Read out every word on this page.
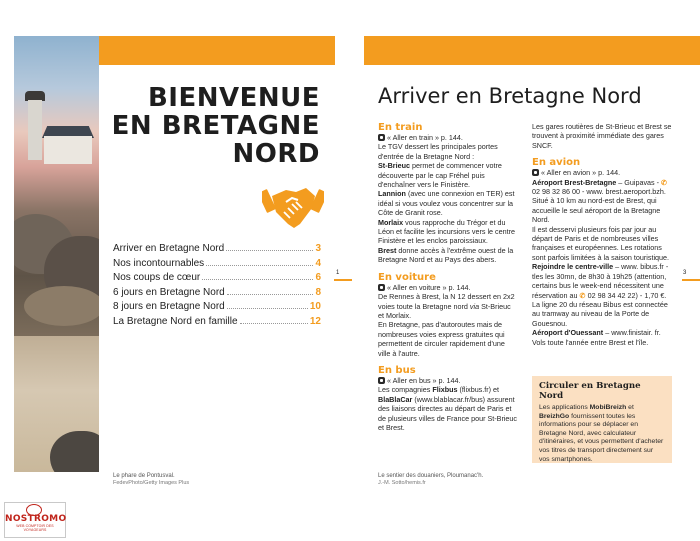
BIENVENUE
EN BRETAGNE
NORD
Arriver en Bretagne Nord	3
Nos incontournables	4
Nos coups de cœur	6
6 jours en Bretagne Nord	8
8 jours en Bretagne Nord	10
La Bretagne Nord en famille	12
1
Le phare de Pontusval.
FedevPhoto/Getty Images Plus
NOSTROMO
WEB COMPTOIR DES VOYAGEURS
Arriver en Bretagne Nord
En train

« Aller en train » p. 144.

Le TGV dessert les principales portes d'entrée de la Bretagne Nord :
St-Brieuc permet de commencer votre découverte par le cap Fréhel puis d'enchaîner vers le Finistère.

Lannion (avec une connexion en TER) est idéal si vous voulez vous concentrer sur la Côte de Granit rose.

Morlaix vous rapproche du Trégor et du Léon et facilite les incursions vers le centre Finistère et les enclos paroissiaux.

Brest donne accès à l'extrême ouest de la Bretagne Nord et au Pays des abers.

En voiture

« Aller en voiture » p. 144.

De Rennes à Brest, la N 12 dessert en 2x2 voies toute la Bretagne nord via St-Brieuc et Morlaix.

En Bretagne, pas d'autoroutes mais de nombreuses voies express gratuites qui permettent de circuler rapidement d'une ville à l'autre.

En bus

« Aller en bus » p. 144.

Les compagnies Flixbus (flixbus.fr) et BlaBlaCar (www.blablacar.fr/bus) assurent des liaisons directes au départ de Paris et de plusieurs villes de France pour St-Brieuc et Brest.

Les gares routières de St-Brieuc et Brest se trouvent à proximité immédiate des gares SNCF.

En avion

« Aller en avion » p. 144.

Aéroport Brest-Bretagne – Guipavas - ✆ 02 98 32 86 00 - www. brest.aeroport.bzh. Situé à 10 km au nord-est de Brest, qui accueille le seul aéroport de la Bretagne Nord.

Il est desservi plusieurs fois par jour au départ de Paris et de nombreuses villes françaises et européennes. Les rotations sont parfois limitées à la saison touristique.

Rejoindre le centre-ville – www. bibus.fr - tles les 30mn, de 8h30 à 19h25 (attention, certains bus le week-end nécessitent une réservation au ✆ 02 98 34 42 22) - 1,70 €. La ligne 20 du réseau Bibus est connectée au tramway au niveau de la Porte de Gouesnou.

Aéroport d'Ouessant – www.finistair. fr. Vols toute l'année entre Brest et l'île.

Circuler en Bretagne Nord

Les applications MobiBreizh et BreizhGo fournissent toutes les informations pour se déplacer en Bretagne Nord, avec calculateur d'itinéraires, et vous permettent d'acheter vos titres de transport directement sur vos smartphones.

3
Le sentier des douaniers, Ploumanac'h.
J.-M. Sotto/hemis.fr
